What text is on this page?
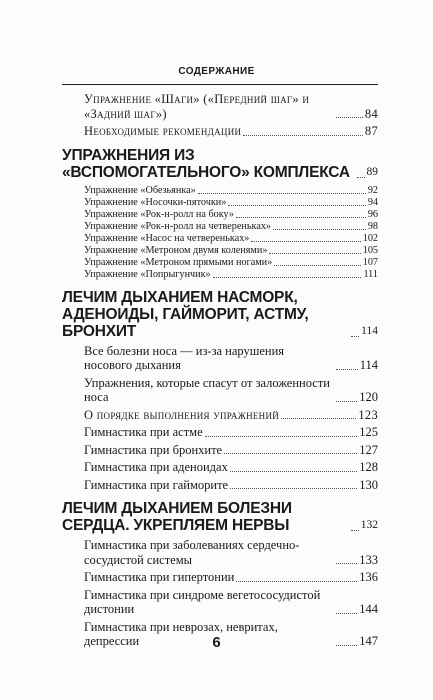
СОДЕРЖАНИЕ
Упражнение «Шаги» («Передний шаг» и «Задний шаг»)	84
Необходимые рекомендации	87
УПРАЖНЕНИЯ ИЗ «ВСПОМОГАТЕЛЬНОГО» КОМПЛЕКСА	89
Упражнение «Обезьянка»	92
Упражнение «Носочки-пяточки»	94
Упражнение «Рок-н-ролл на боку»	96
Упражнение «Рок-н-ролл на четвереньках»	98
Упражнение «Насос на четвереньках»	102
Упражнение «Метроном двумя коленями»	105
Упражнение «Метроном прямыми ногами»	107
Упражнение «Попрыгунчик»	111
ЛЕЧИМ ДЫХАНИЕМ НАСМОРК, АДЕНОИДЫ, ГАЙМОРИТ, АСТМУ, БРОНХИТ	114
Все болезни носа — из-за нарушения носового дыхания	114
Упражнения, которые спасут от заложенности носа	120
О порядке выполнения упражнений	123
Гимнастика при астме	125
Гимнастика при бронхите	127
Гимнастика при аденоидах	128
Гимнастика при гайморите	130
ЛЕЧИМ ДЫХАНИЕМ БОЛЕЗНИ СЕРДЦА. УКРЕПЛЯЕМ НЕРВЫ	132
Гимнастика при заболеваниях сердечно-сосудистой системы	133
Гимнастика при гипертонии	136
Гимнастика при синдроме вегетососудистой дистонии	144
Гимнастика при неврозах, невритах, депрессии	147
6
